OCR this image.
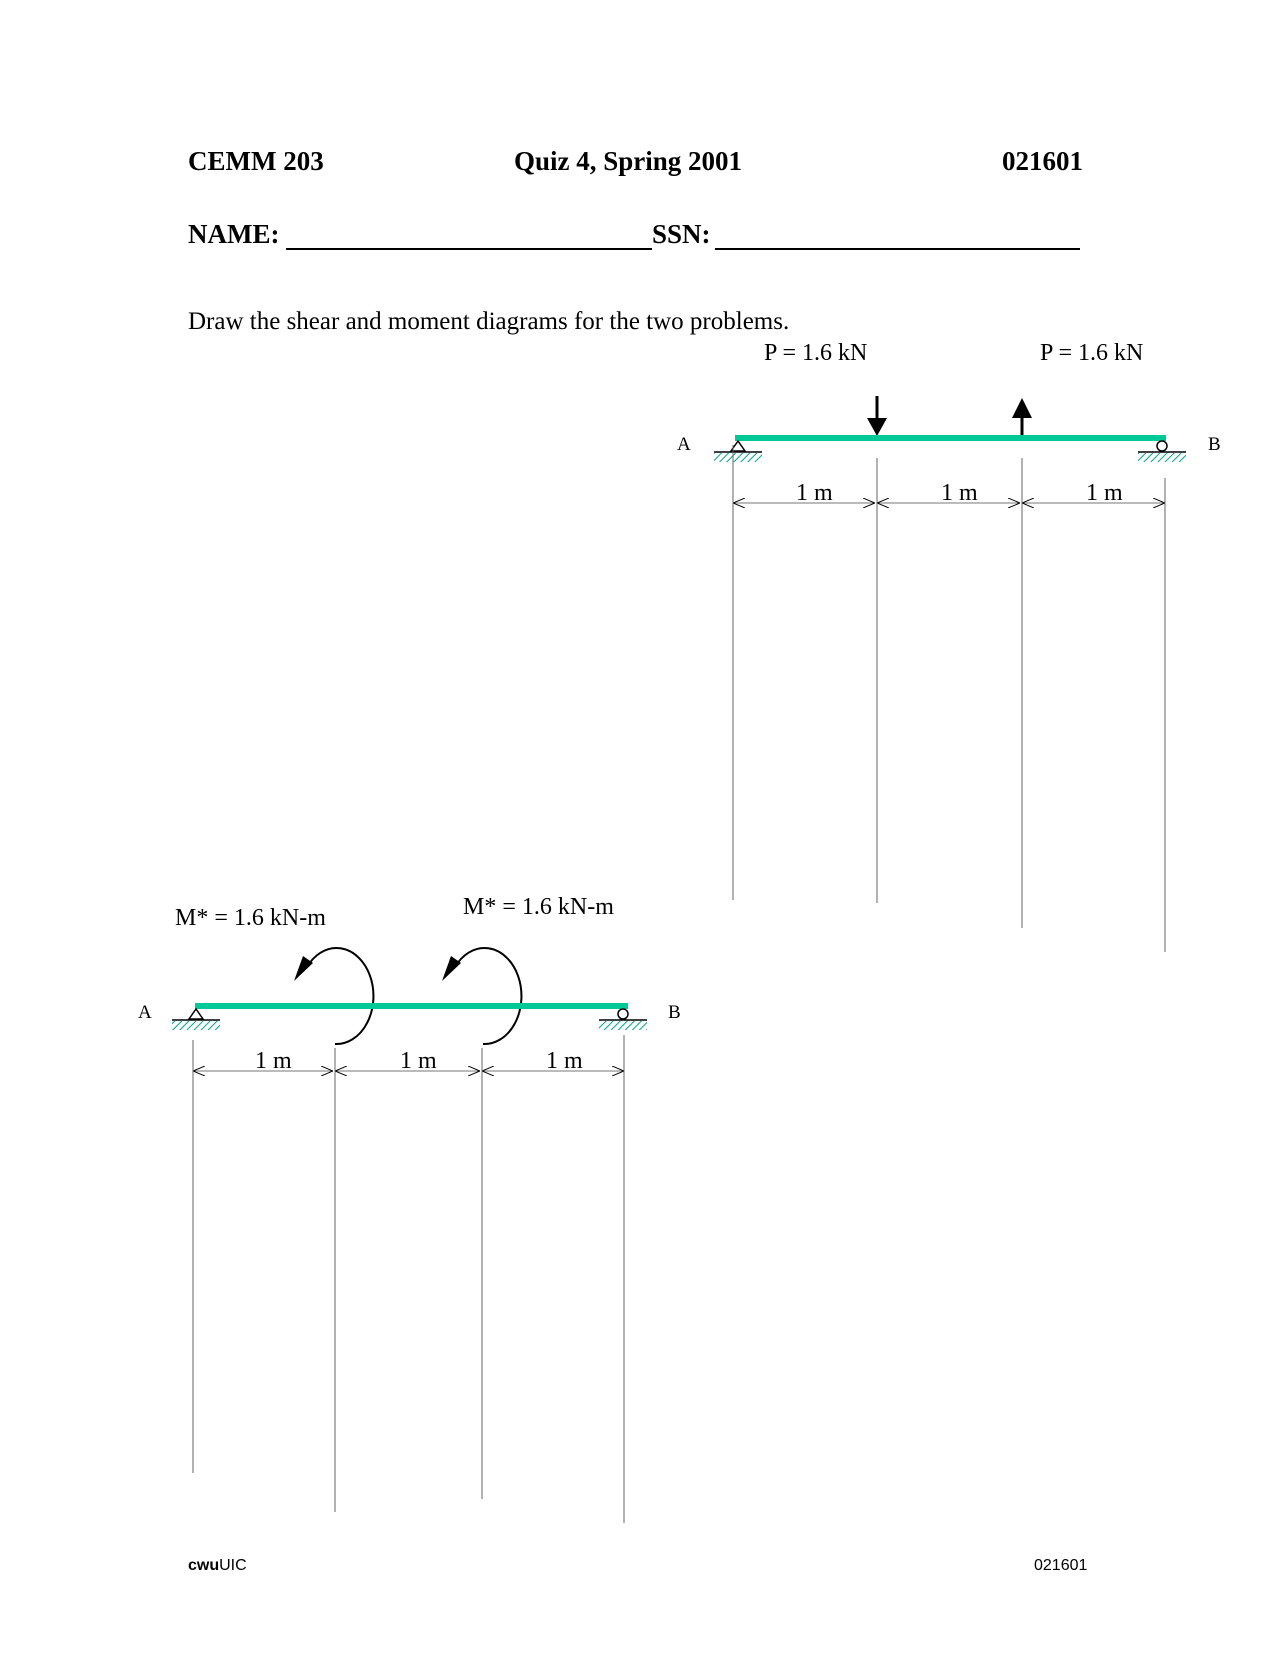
CEMM 203	Quiz 4, Spring 2001	021601
NAME:	SSN:
Draw the shear and moment diagrams for the two problems.
P = 1.6 kN	P = 1.6 kN
A	B
1 m	1 m	1 m
M* = 1.6 kN-m	M* = 1.6 kN-m
A	B
1 m	1 m	1 m
cwuUIC	021601
